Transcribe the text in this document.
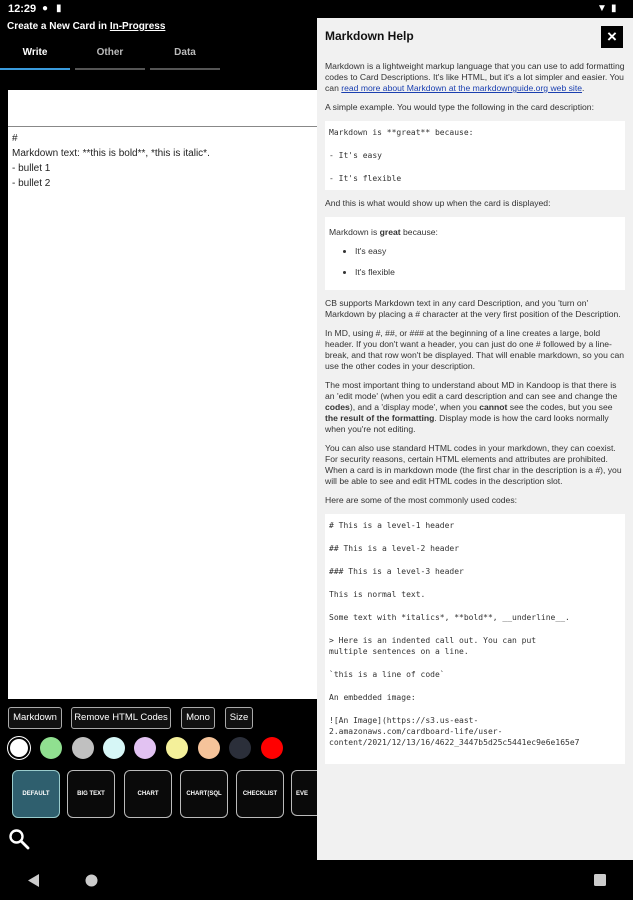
12:29 ● ▮	▼ ▮
Create a New Card in In-Progress
Write	Other	Data
#
Markdown text: **this is bold**, *this is italic*.
- bullet 1
- bullet 2
Markdown	Remove HTML Codes	Mono	Size
DEFAULT	BIG TEXT	CHART	CHART(SQL	CHECKLIST	EVE
Markdown Help	×

Markdown is a lightweight markup language that you can use to add formatting codes to Card Descriptions. It's like HTML, but it's a lot simpler and easier. You can read more about Markdown at the markdownguide.org web site.

A simple example. You would type the following in the card description:

Markdown is **great** because:
- It's easy
- It's flexible

And this is what would show up when the card is displayed:

Markdown is great because:
• It's easy
• It's flexible

CB supports Markdown text in any card Description, and you 'turn on' Markdown by placing a # character at the very first position of the Description.

In MD, using #, ##, or ### at the beginning of a line creates a large, bold header. If you don't want a header, you can just do one # followed by a line-break, and that row won't be displayed. That will enable markdown, so you can use the other codes in your description.

The most important thing to understand about MD in Kandoop is that there is an 'edit mode' (when you edit a card description and can see and change the codes), and a 'display mode', when you cannot see the codes, but you see the result of the formatting. Display mode is how the card looks normally when you're not editing.

You can also use standard HTML codes in your markdown, they can coexist. For security reasons, certain HTML elements and attributes are prohibited. When a card is in markdown mode (the first char in the description is a #), you will be able to see and edit HTML codes in the description slot.

Here are some of the most commonly used codes:

# This is a level-1 header
## This is a level-2 header
### This is a level-3 header
This is normal text.
Some text with *italics*, **bold**, __underline__.
> Here is an indented call out. You can put
multiple sentences on a line.
`this is a line of code`
An embedded image:
![An Image](https://s3.us-east-
2.amazonaws.com/cardboard-life/user-
content/2021/12/13/16/4622_3447b5d25c5441ec9e6e165e7
